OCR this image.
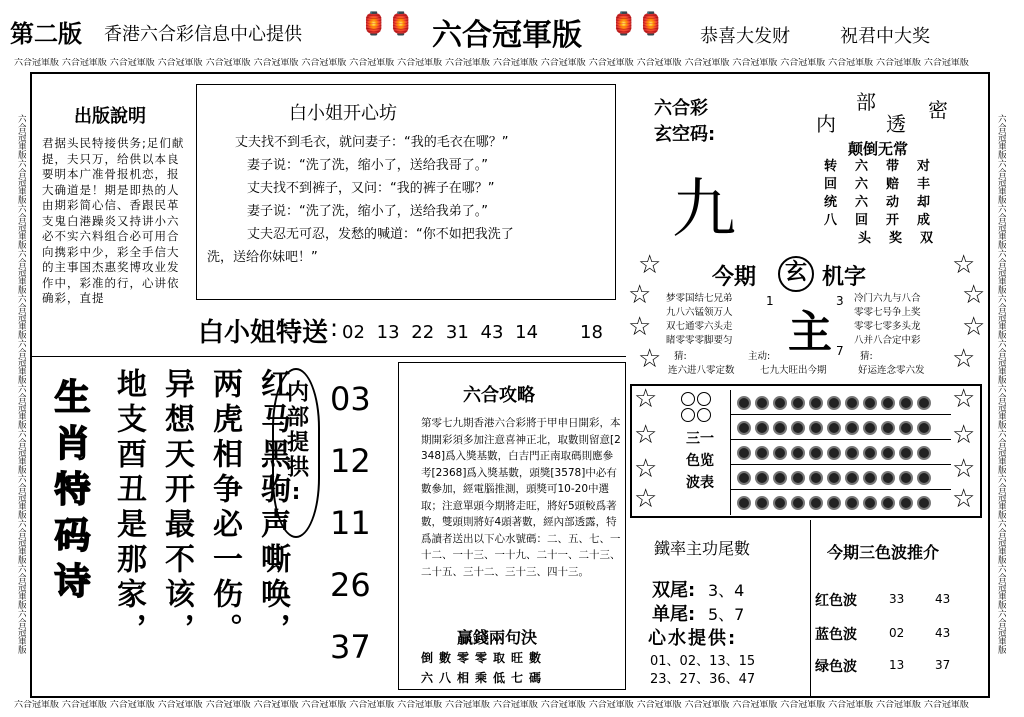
第二版 香港六合彩信息中心提供	🏮🏮 六合冠軍版 🏮🏮 恭喜大发财	祝君中大奖
六合冠軍版 六合冠軍版 六合冠軍版 六合冠軍版 六合冠軍版 六合冠軍版 六合冠軍版 六合冠軍版 六合冠軍版 六合冠軍版 六合冠軍版 六合冠軍版 六合冠軍版 六合冠軍版 六合冠軍版 六合冠軍版 六合冠軍版 六合冠軍版 六合冠軍版 六合冠軍版
六合冠軍版 六合冠軍版 六合冠軍版 六合冠軍版 六合冠軍版 六合冠軍版 六合冠軍版 六合冠軍版 六合冠軍版 六合冠軍版 六合冠軍版 六合冠軍版 六合冠軍版 六合冠軍版 六合冠軍版 六合冠軍版 六合冠軍版 六合冠軍版 六合冠軍版 六合冠軍版
六合冠軍版六合冠軍版六合冠軍版六合冠軍版六合冠軍版六合冠軍版六合冠軍版六合冠軍版六合冠軍版六合冠軍版六合冠軍版六合冠軍版
六合冠軍版六合冠軍版六合冠軍版六合冠軍版六合冠軍版六合冠軍版六合冠軍版六合冠軍版六合冠軍版六合冠軍版六合冠軍版六合冠軍版
出版說明
君据头民特接供务;足们献提，夫只万，给供以本良要明本广准骨报机恋，报大确道是！期是即热的人由期彩简心信、香跟民革支鬼白港躁炎又持讲小六必不实六料组合必可用合向携彩中少，彩全手信大的主事国杰惠奖博攻业发作中，彩准的行，心讲依确彩，直提
白小姐开心坊
丈夫找不到毛衣，就问妻子：“我的毛衣在哪？”
妻子说：“洗了洗，缩小了，送给我哥了。”
丈夫找不到裤子，又问：“我的裤子在哪？”
妻子说：“洗了洗，缩小了，送给我弟了。”
丈夫忍无可忍，发愁的喊道：“你不如把我洗了
洗，送给你妹吧！”
白小姐特送 : 02 13 22 31 43 14 18
六合彩
玄空码:
九
内
部
透
密
颠倒无常
转六带对
回六赔丰
统六动却
八回开成
头奖双
☆
☆
☆
☆
☆
☆
☆
☆
今期	玄 机字
梦零国结七兄弟
九八六锰领万人
双七通零六头走
睹零零零脚要匀
1
主
3
7
冷门六九与八合
零零七号争上奖
零零七零多头龙
八并八合定中彩
猜:	主动:	猜:
连六进八零定数	七九大旺出今期	好运连念零六发
生肖特码诗	红马黑驹声嘶唤，
两虎相争必一伤。
异想天开最不该，
地支酉丑是那家，	内部提拱: 03
12
11
26
37
六合攻略
第零七九期香港六合彩將于甲申日開彩，本期開彩須多加注意喜神正北，取數則留意[2348]爲入獎基數，白吉門正南取碼則應參考[2368]爲入獎基數，頭獎[3578]中必有數參加，經電腦推測，頭獎可10-20中選取；注意單頭今期將走旺，將好5頭較爲著數，雙頭則將好4頭著數，經內部透露，特爲讀者送出以下心水號碼：二、五、七、一十二、一十三、一十九、二十一、二十三、二十五、三十二、三十三、四十三。
贏錢兩句決
倒數零零取旺數
六八相乘低七碼
☆
☆
☆
☆
☆
☆
☆
☆

三一色览波表
鐵率主功尾數
双尾: 3、4
单尾: 5、7
心水提供:
01、02、13、15
23、27、36、47
今期三色波推介
红色波	33	43
蓝色波	02	43
绿色波	13	37
